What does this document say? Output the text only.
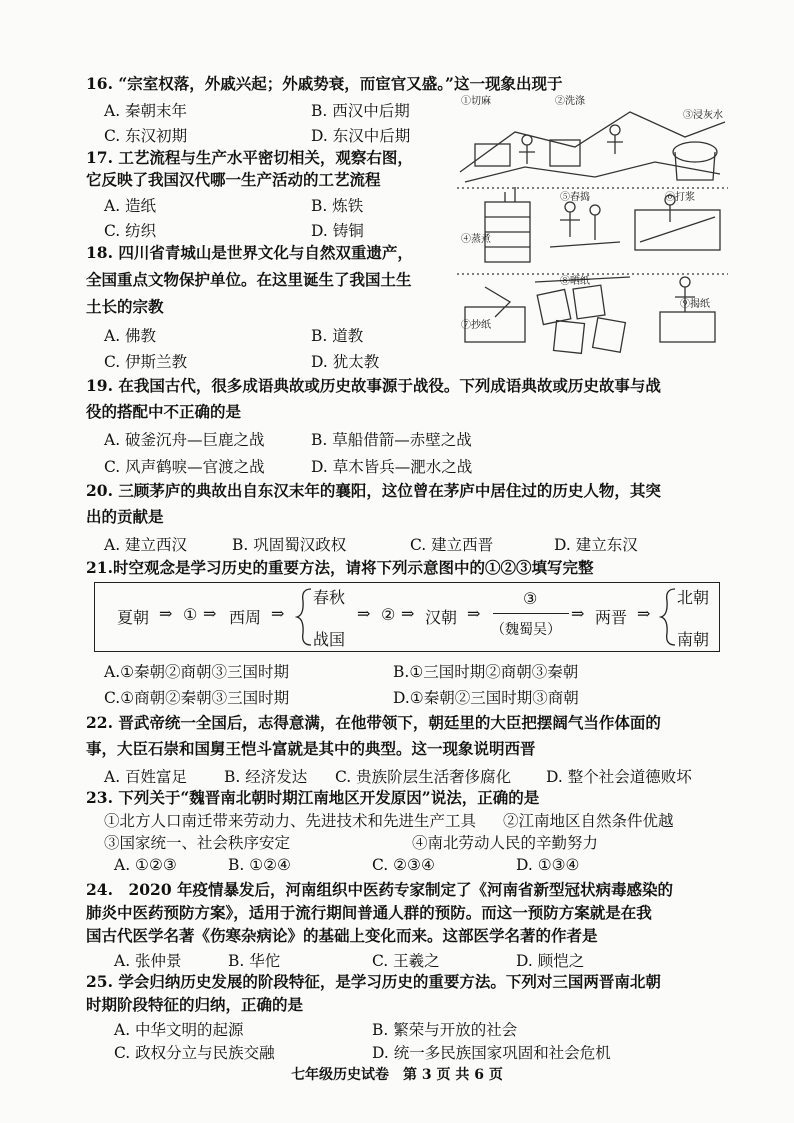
16. “宗室权落，外戚兴起；外戚势衰，而宦官又盛。”这一现象出现于
A. 秦朝末年	B. 西汉中后期
C. 东汉初期	D. 东汉中后期
17. 工艺流程与生产水平密切相关，观察右图，
它反映了我国汉代哪一生产活动的工艺流程
A. 造纸	B. 炼铁
C. 纺织	D. 铸铜
①切麻	②洗涤
③浸灰水
④蒸煮
⑤舂捣	⑥打浆
⑦抄纸
⑧晒纸
⑨揭纸
18. 四川省青城山是世界文化与自然双重遗产，
全国重点文物保护单位。在这里诞生了我国土生
土长的宗教
A. 佛教	B. 道教
C. 伊斯兰教	D. 犹太教
19. 在我国古代，很多成语典故或历史故事源于战役。下列成语典故或历史故事与战
役的搭配中不正确的是
A. 破釜沉舟—巨鹿之战	B. 草船借箭—赤壁之战
C. 风声鹤唳—官渡之战	D. 草木皆兵—淝水之战
20. 三顾茅庐的典故出自东汉末年的襄阳，这位曾在茅庐中居住过的历史人物，其突
出的贡献是
A. 建立西汉	B. 巩固蜀汉政权	C. 建立西晋	D. 建立东汉
21.时空观念是学习历史的重要方法，请将下列示意图中的①②③填写完整
夏朝 ⇒ ① ⇒ 西周 ⇒
春秋
战国
⇒ ② ⇒ 汉朝 ⇒
③
（魏蜀吴）
⇒ 两晋 ⇒
北朝
南朝
A.①秦朝②商朝③三国时期	B.①三国时期②商朝③秦朝
C.①商朝②秦朝③三国时期	D.①秦朝②三国时期③商朝
22. 晋武帝统一全国后，志得意满，在他带领下，朝廷里的大臣把摆阔气当作体面的
事，大臣石崇和国舅王恺斗富就是其中的典型。这一现象说明西晋
A. 百姓富足 B. 经济发达 C. 贵族阶层生活奢侈腐化 D. 整个社会道德败坏
23. 下列关于“魏晋南北朝时期江南地区开发原因”说法，正确的是
①北方人口南迁带来劳动力、先进技术和先进生产工具 ②江南地区自然条件优越
③国家统一、社会秩序安定	④南北劳动人民的辛勤努力
A. ①②③	B. ①②④	C. ②③④	D. ①③④
24.　2020 年疫情暴发后，河南组织中医药专家制定了《河南省新型冠状病毒感染的
肺炎中医药预防方案》，适用于流行期间普通人群的预防。而这一预防方案就是在我
国古代医学名著《伤寒杂病论》的基础上变化而来。这部医学名著的作者是
A. 张仲景	B. 华佗	C. 王羲之	D. 顾恺之
25. 学会归纳历史发展的阶段特征，是学习历史的重要方法。下列对三国两晋南北朝
时期阶段特征的归纳，正确的是
A. 中华文明的起源	B. 繁荣与开放的社会
C. 政权分立与民族交融	D. 统一多民族国家巩固和社会危机
七年级历史试卷　第 3 页 共 6 页
